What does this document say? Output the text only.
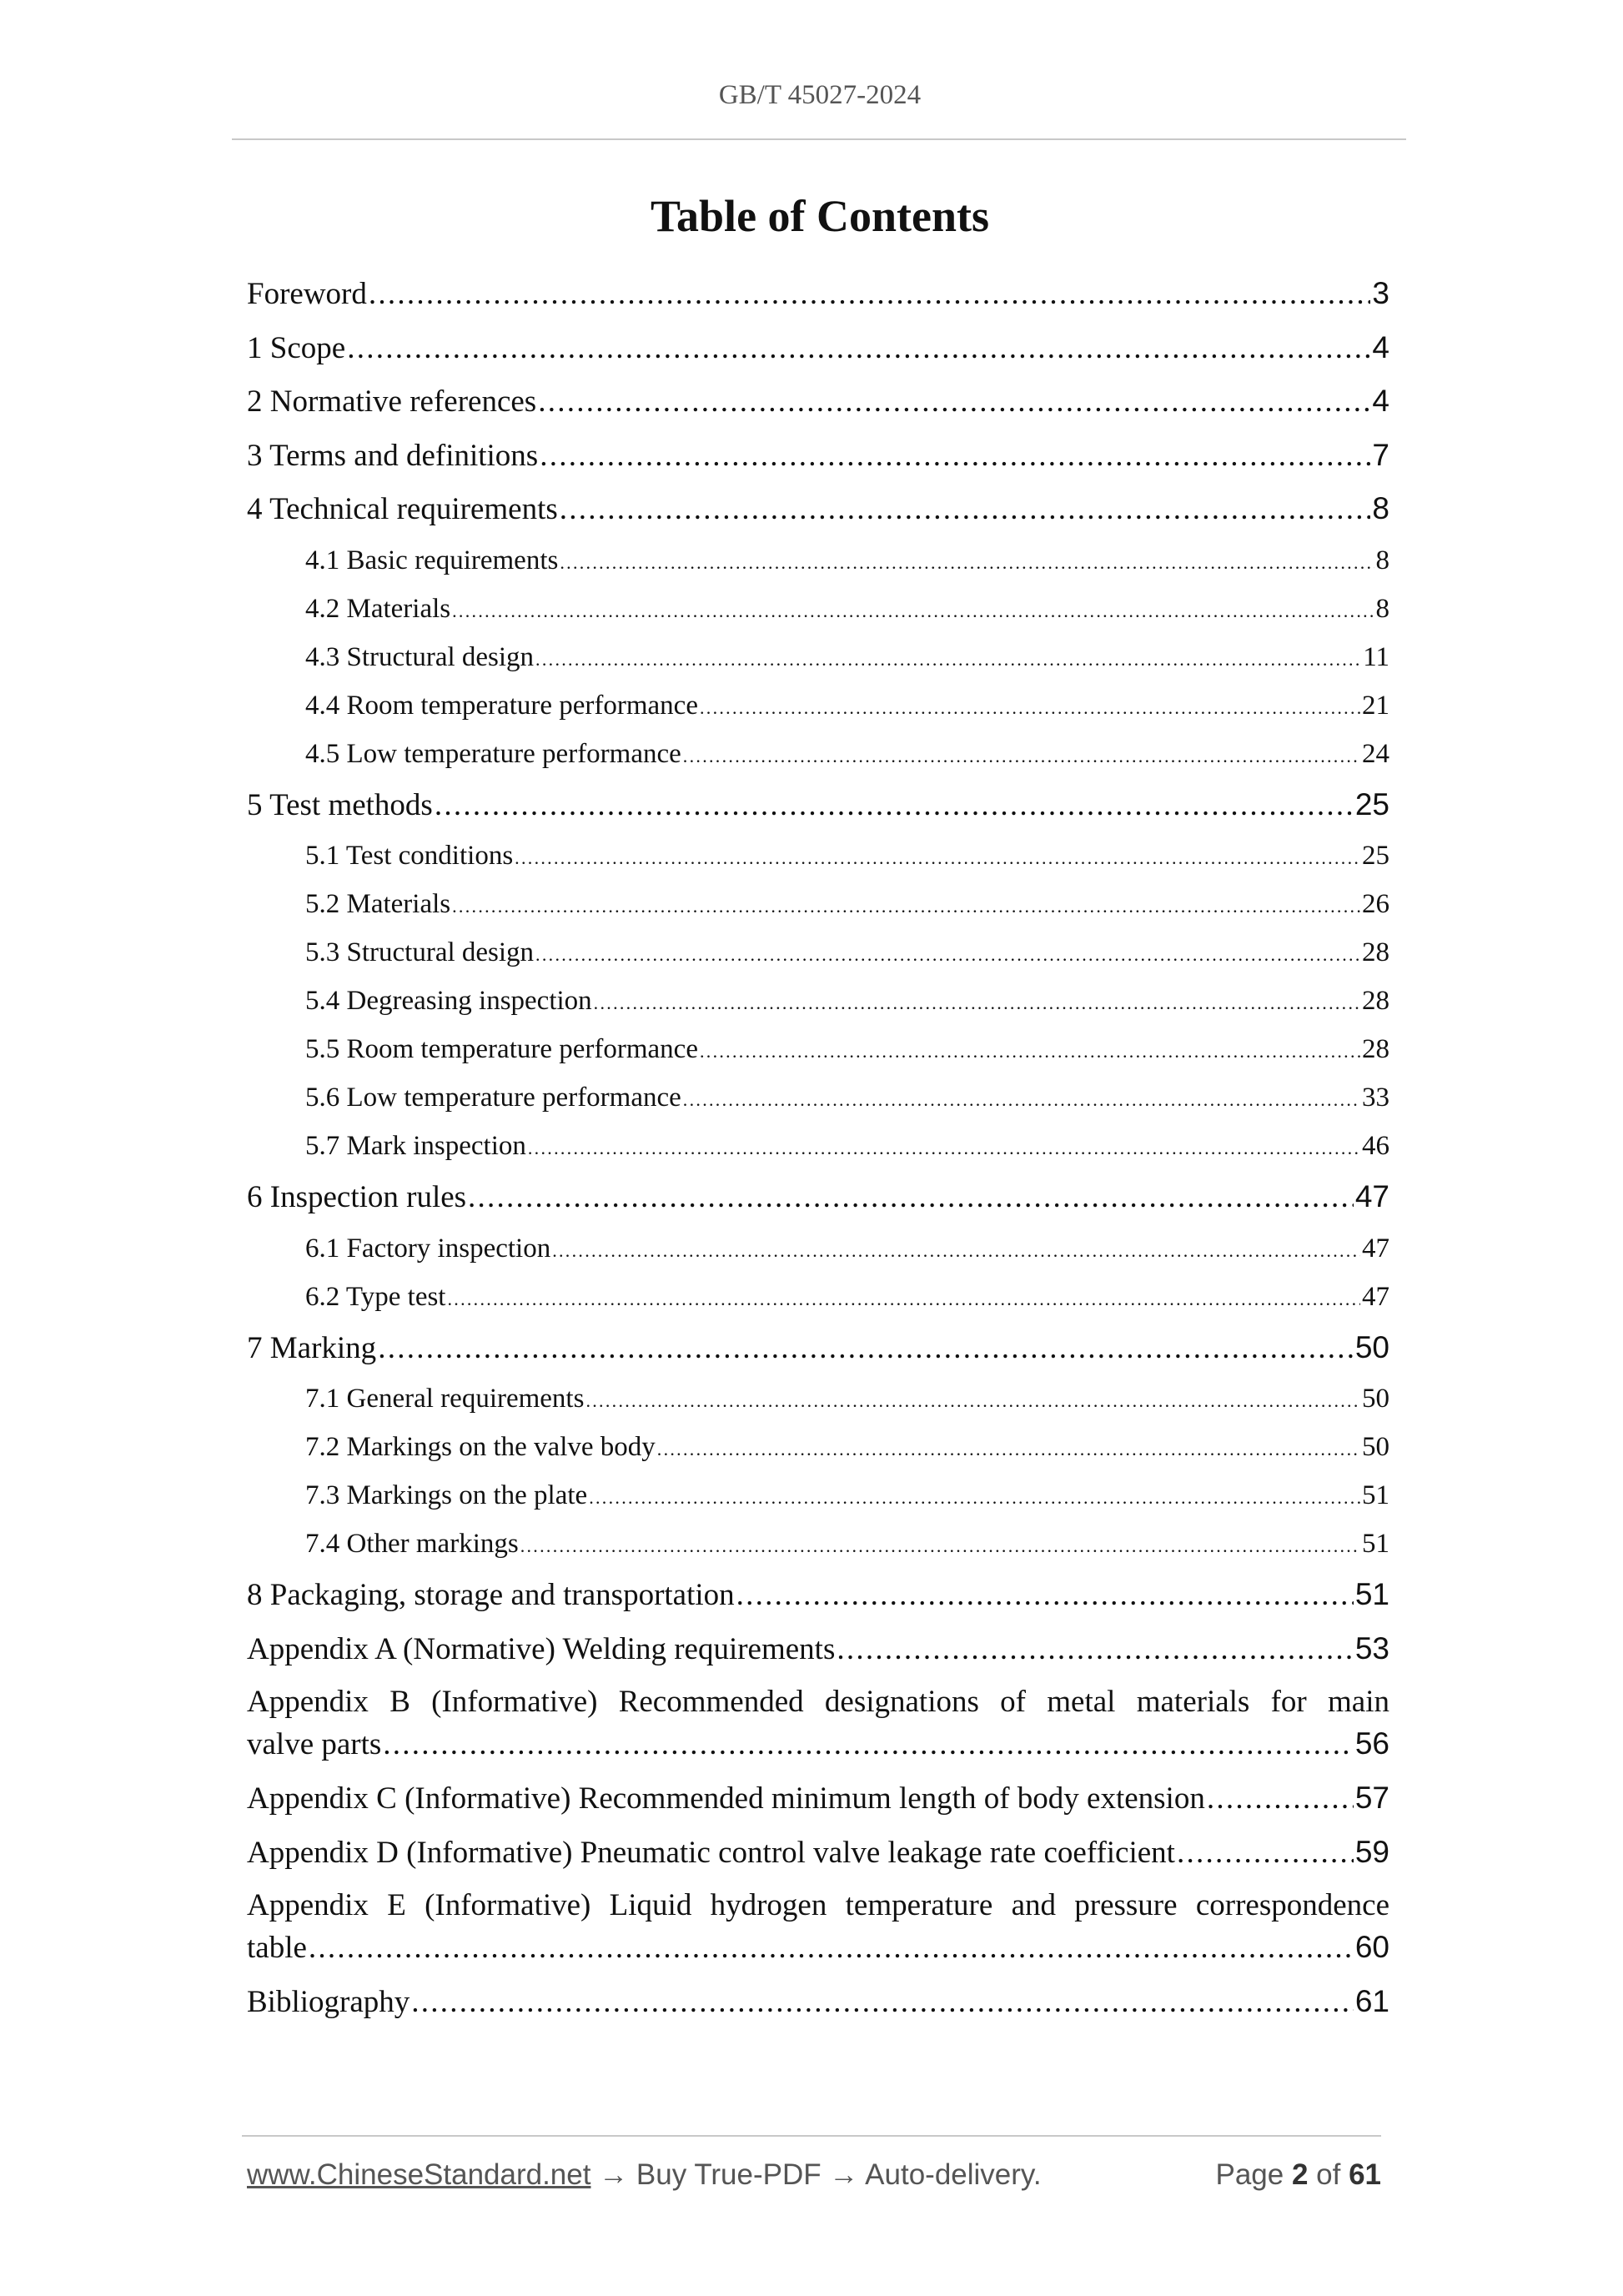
GB/T 45027-2024
Table of Contents
Foreword . . .	3
1 Scope . . .	4
2 Normative references . . .	4
3 Terms and definitions . . .	7
4 Technical requirements . . .	8
4.1 Basic requirements . . .	8
4.2 Materials . . .	8
4.3 Structural design . . .	11
4.4 Room temperature performance . . .	21
4.5 Low temperature performance . . .	24
5 Test methods . . .	25
5.1 Test conditions . . .	25
5.2 Materials . . .	26
5.3 Structural design . . .	28
5.4 Degreasing inspection . . .	28
5.5 Room temperature performance . . .	28
5.6 Low temperature performance . . .	33
5.7 Mark inspection . . .	46
6 Inspection rules . . .	47
6.1 Factory inspection . . .	47
6.2 Type test . . .	47
7 Marking . . .	50
7.1 General requirements . . .	50
7.2 Markings on the valve body . . .	50
7.3 Markings on the plate . . .	51
7.4 Other markings . . .	51
8 Packaging, storage and transportation . . .	51
Appendix A (Normative) Welding requirements . . .	53
Appendix B (Informative) Recommended designations of metal materials for main
valve parts . . .	56
Appendix C (Informative) Recommended minimum length of body extension . . .	57
Appendix D (Informative) Pneumatic control valve leakage rate coefficient . . .	59
Appendix E (Informative) Liquid hydrogen temperature and pressure correspondence
table . . .	60
Bibliography . . .	61
www.ChineseStandard.net → Buy True-PDF → Auto-delivery.	Page 2 of 61
